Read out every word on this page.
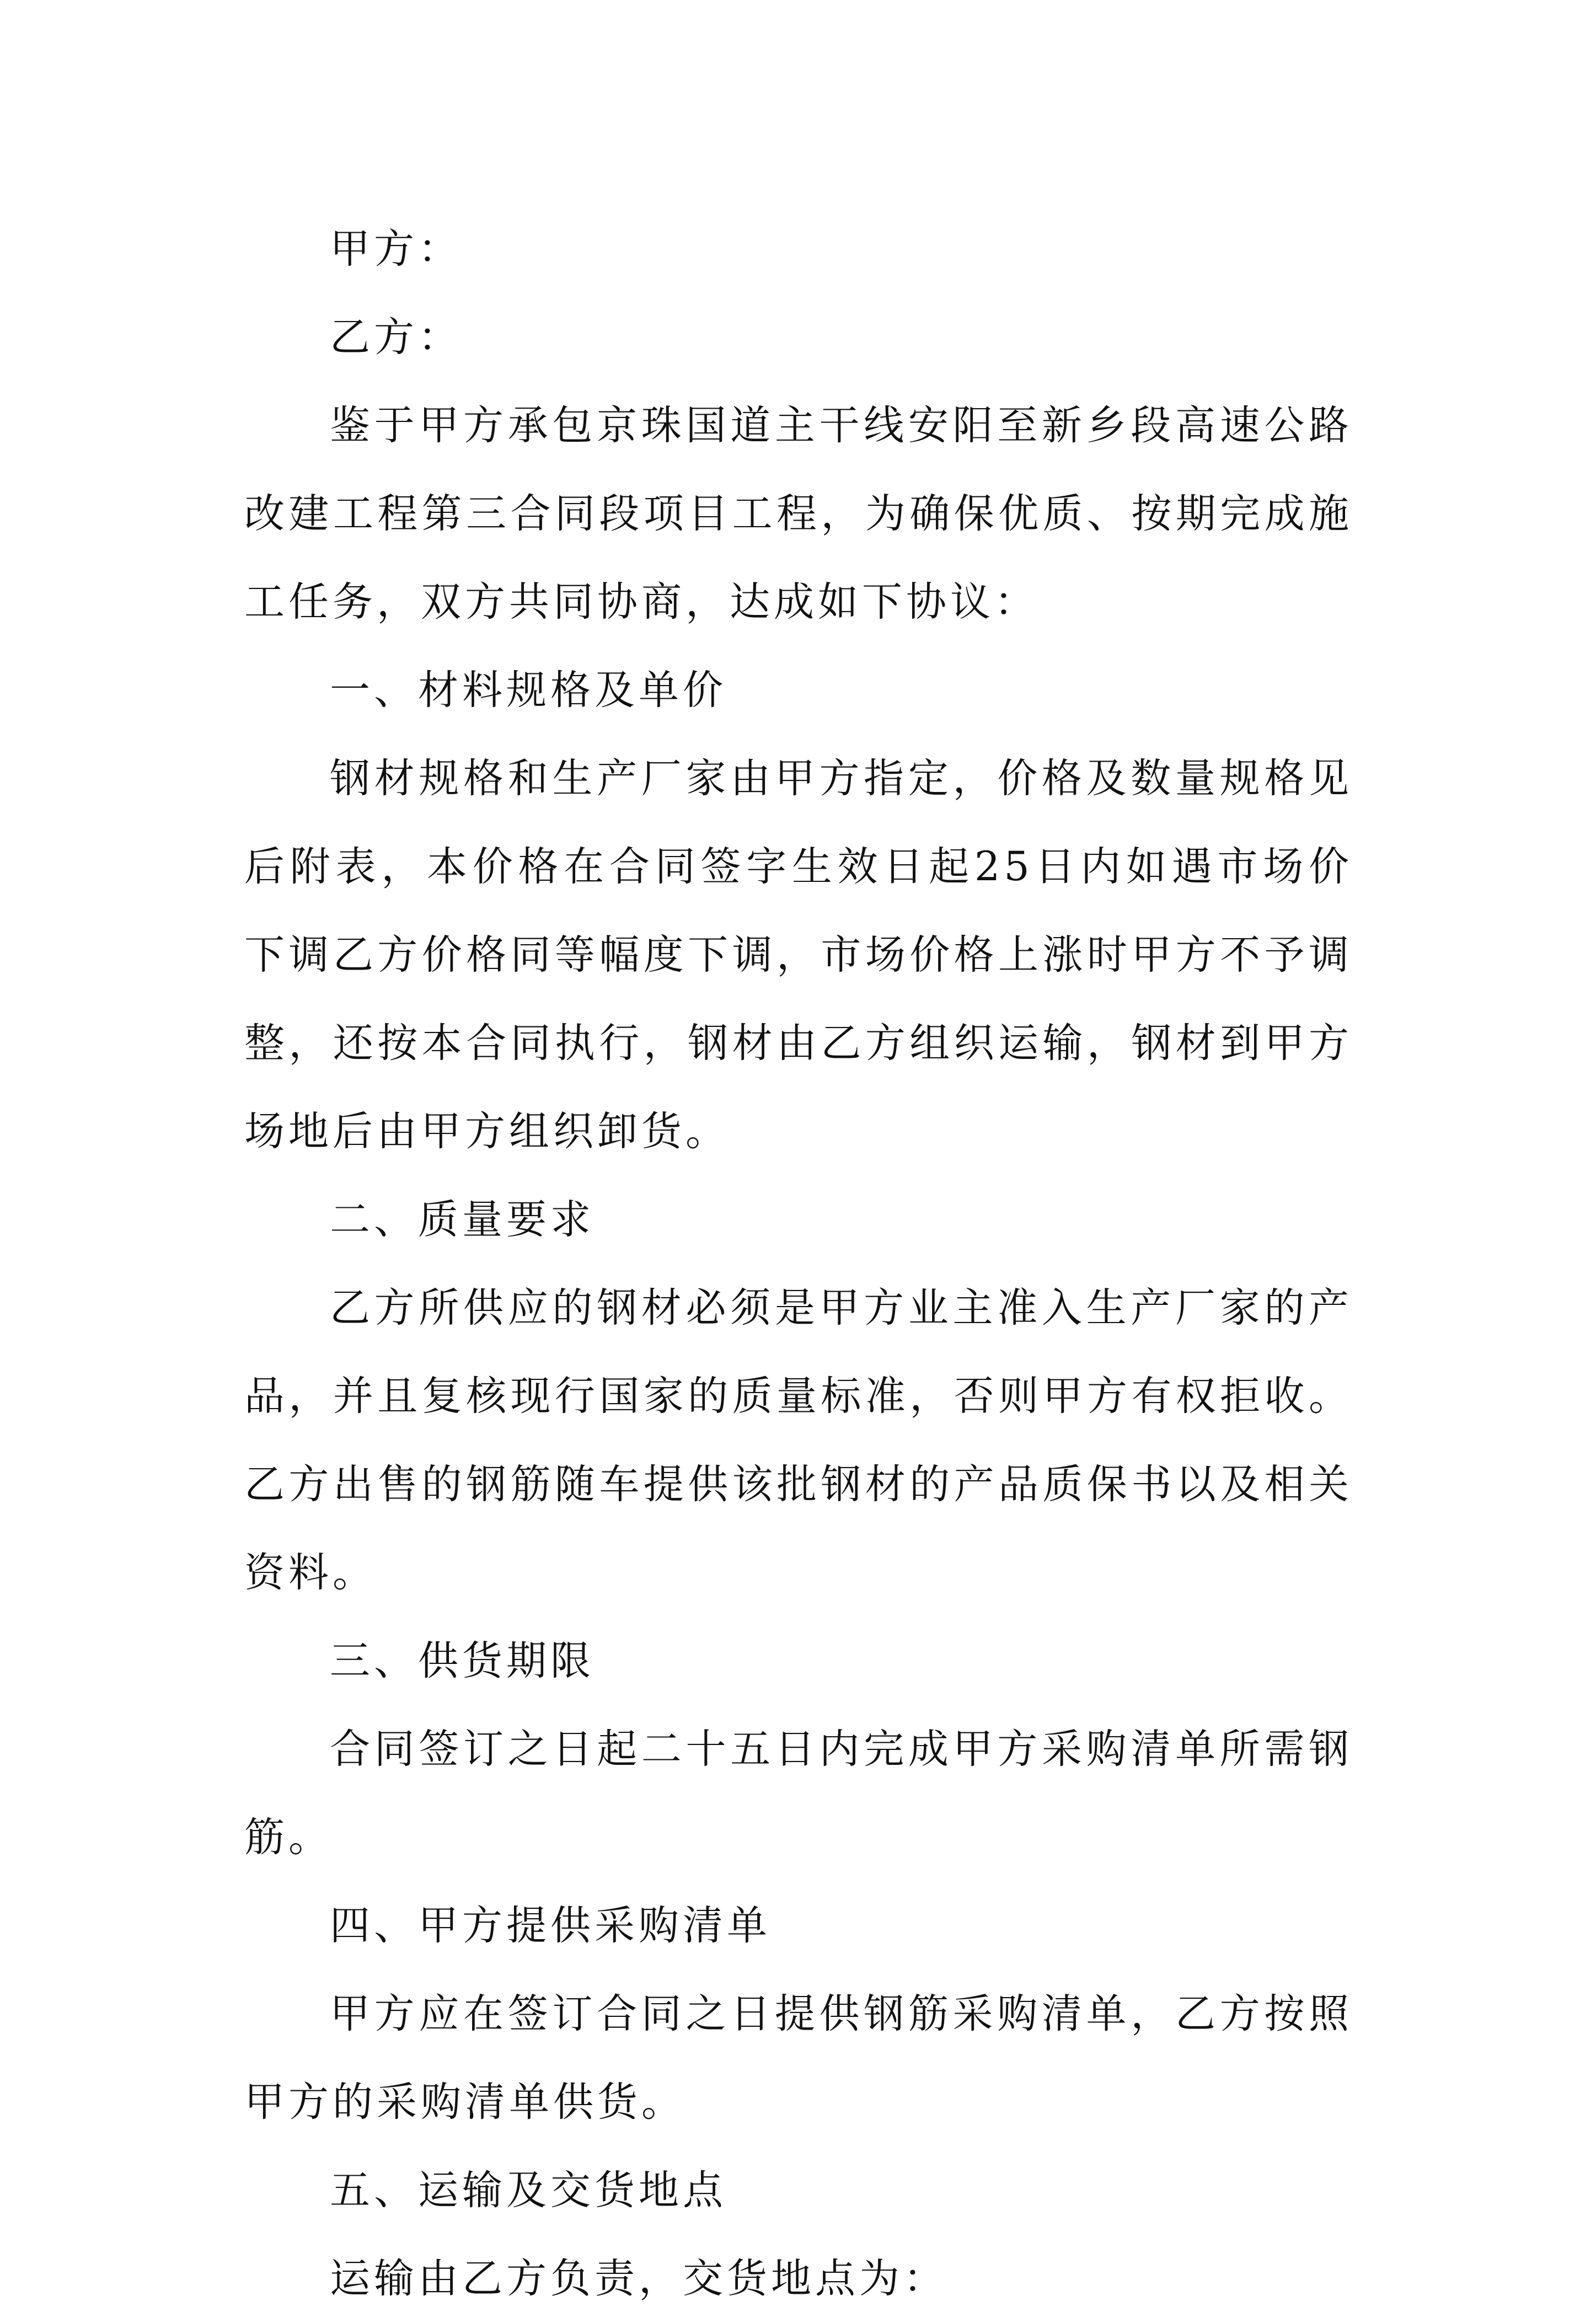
甲方：

乙方：

鉴于甲方承包京珠国道主干线安阳至新乡段高速公路改建工程第三合同段项目工程，为确保优质、按期完成施工任务，双方共同协商，达成如下协议：

一、材料规格及单价

钢材规格和生产厂家由甲方指定，价格及数量规格见后附表，本价格在合同签字生效日起25日内如遇市场价下调乙方价格同等幅度下调，市场价格上涨时甲方不予调整，还按本合同执行，钢材由乙方组织运输，钢材到甲方场地后由甲方组织卸货。

二、质量要求

乙方所供应的钢材必须是甲方业主准入生产厂家的产品，并且复核现行国家的质量标准，否则甲方有权拒收。乙方出售的钢筋随车提供该批钢材的产品质保书以及相关资料。

三、供货期限

合同签订之日起二十五日内完成甲方采购清单所需钢筋。

四、甲方提供采购清单

甲方应在签订合同之日提供钢筋采购清单，乙方按照甲方的采购清单供货。

五、运输及交货地点

运输由乙方负责，交货地点为：
